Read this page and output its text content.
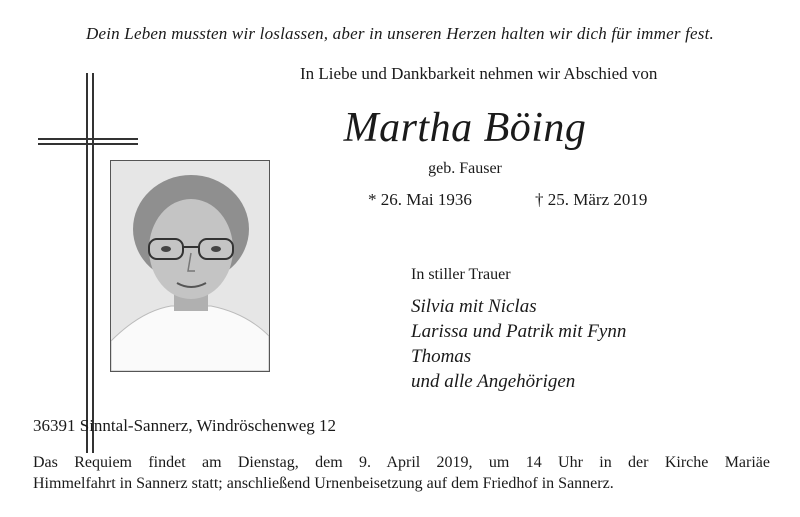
Dein Leben mussten wir loslassen, aber in unseren Herzen halten wir dich für immer fest.
In Liebe und Dankbarkeit nehmen wir Abschied von
Martha Böing
geb. Fauser
* 26. Mai 1936	† 25. März 2019
In stiller Trauer
Silvia mit Niclas
Larissa und Patrik mit Fynn
Thomas
und alle Angehörigen
36391 Sinntal-Sannerz, Windröschenweg 12
Das Requiem findet am Dienstag, dem 9. April 2019, um 14 Uhr in der Kirche Mariäe
Himmelfahrt in Sannerz statt; anschließend Urnenbeisetzung auf dem Friedhof in Sannerz.
